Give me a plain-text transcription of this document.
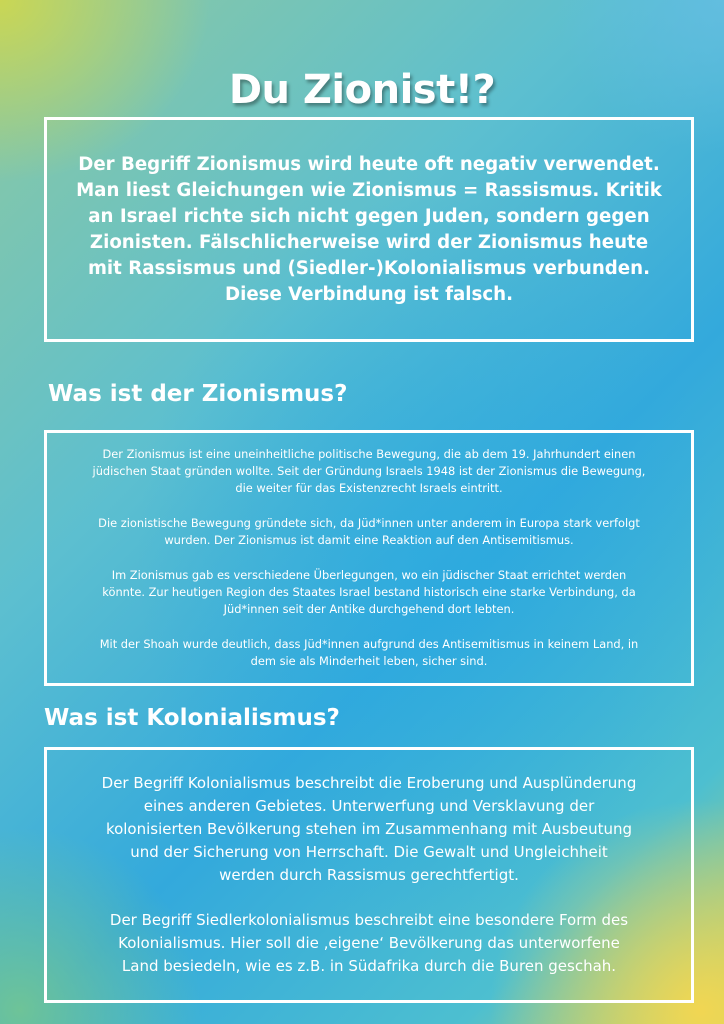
Du Zionist!?

Der Begriff Zionismus wird heute oft negativ verwendet.
Man liest Gleichungen wie Zionismus = Rassismus. Kritik
an Israel richte sich nicht gegen Juden, sondern gegen
Zionisten. Fälschlicherweise wird der Zionismus heute
mit Rassismus und (Siedler-)Kolonialismus verbunden.
Diese Verbindung ist falsch.

Was ist der Zionismus?

Der Zionismus ist eine uneinheitliche politische Bewegung, die ab dem 19. Jahrhundert einen
jüdischen Staat gründen wollte. Seit der Gründung Israels 1948 ist der Zionismus die Bewegung,
die weiter für das Existenzrecht Israels eintritt.

Die zionistische Bewegung gründete sich, da Jüd*innen unter anderem in Europa stark verfolgt
wurden. Der Zionismus ist damit eine Reaktion auf den Antisemitismus.

Im Zionismus gab es verschiedene Überlegungen, wo ein jüdischer Staat errichtet werden
könnte. Zur heutigen Region des Staates Israel bestand historisch eine starke Verbindung, da
Jüd*innen seit der Antike durchgehend dort lebten.

Mit der Shoah wurde deutlich, dass Jüd*innen aufgrund des Antisemitismus in keinem Land, in
dem sie als Minderheit leben, sicher sind.

Was ist Kolonialismus?

Der Begriff Kolonialismus beschreibt die Eroberung und Ausplünderung
eines anderen Gebietes. Unterwerfung und Versklavung der
kolonisierten Bevölkerung stehen im Zusammenhang mit Ausbeutung
und der Sicherung von Herrschaft. Die Gewalt und Ungleichheit
werden durch Rassismus gerechtfertigt.

Der Begriff Siedlerkolonialismus beschreibt eine besondere Form des
Kolonialismus. Hier soll die ‚eigene‘ Bevölkerung das unterworfene
Land besiedeln, wie es z.B. in Südafrika durch die Buren geschah.
